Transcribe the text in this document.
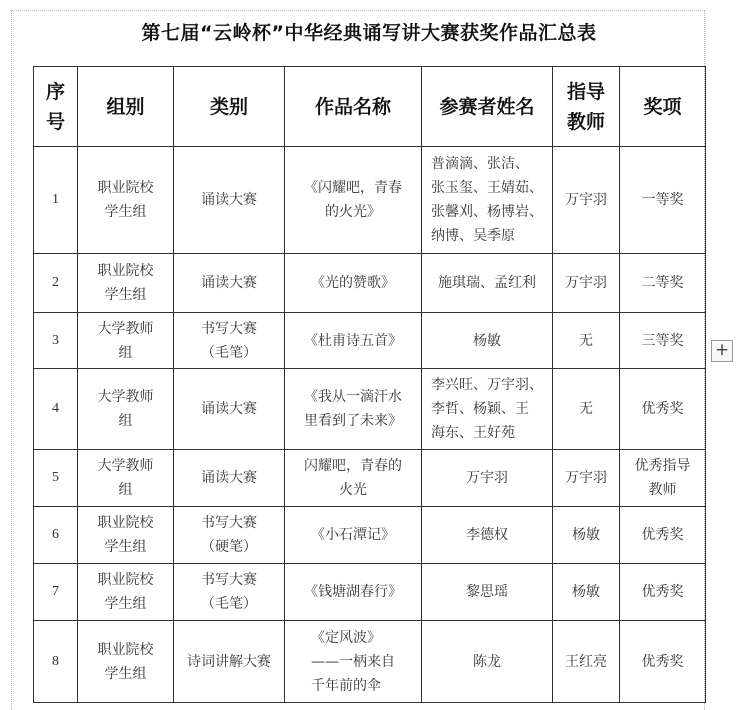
第七届“云岭杯”中华经典诵写讲大赛获奖作品汇总表
序
号	组别	类别	作品名称	参赛者姓名	指导
教师	奖项
1	职业院校
学生组	诵读大赛	《闪耀吧，青春
的火光》	普滴滴、张洁、
张玉玺、王婧茹、
张馨刈、杨博岩、
纳博、吴季原	万宇羽	一等奖
2	职业院校
学生组	诵读大赛	《光的赞歌》	施琪瑞、孟红利	万宇羽	二等奖
3	大学教师
组	书写大赛
（毛笔）	《杜甫诗五首》	杨敏	无	三等奖
4	大学教师
组	诵读大赛	《我从一滴汗水
里看到了未来》	李兴旺、万宇羽、
李哲、杨颖、王
海东、王好苑	无	优秀奖
5	大学教师
组	诵读大赛	闪耀吧，青春的
火光	万宇羽	万宇羽	优秀指导
教师
6	职业院校
学生组	书写大赛
（硬笔）	《小石潭记》	李德权	杨敏	优秀奖
7	职业院校
学生组	书写大赛
（毛笔）	《钱塘湖春行》	黎思瑶	杨敏	优秀奖
8	职业院校
学生组	诗词讲解大赛	《定风波》
——一柄来自
千年前的伞	陈龙	王红亮	优秀奖
+
